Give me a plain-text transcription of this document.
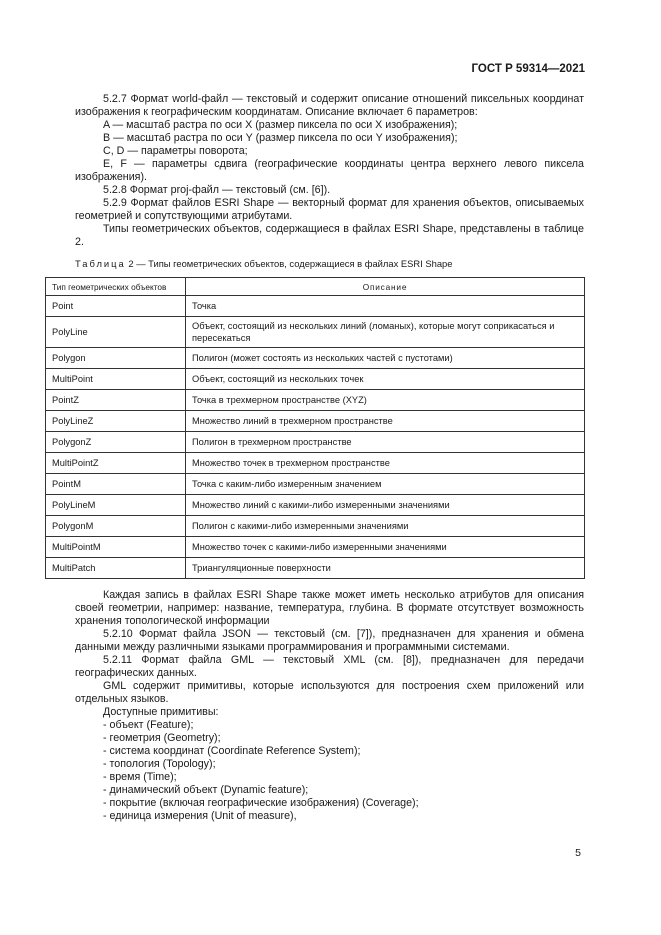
ГОСТ Р 59314—2021

5.2.7 Формат world-файл — текстовый и содержит описание отношений пиксельных координат изображения к географическим координатам. Описание включает 6 параметров:

A — масштаб растра по оси X (размер пиксела по оси X изображения);

B — масштаб растра по оси Y (размер пиксела по оси Y изображения);

C, D — параметры поворота;

E, F — параметры сдвига (географические координаты центра верхнего левого пиксела изображения).

5.2.8 Формат proj-файл — текстовый (см. [6]).

5.2.9 Формат файлов ESRI Shape — векторный формат для хранения объектов, описываемых геометрией и сопутствующими атрибутами.

Типы геометрических объектов, содержащиеся в файлах ESRI Shape, представлены в таблице 2.

Таблица 2 — Типы геометрических объектов, содержащиеся в файлах ESRI Shape
Тип геометрических объектов	Описание
Point	Точка
PolyLine	Объект, состоящий из нескольких линий (ломаных), которые могут соприкасаться и пересекаться
Polygon	Полигон (может состоять из нескольких частей с пустотами)
MultiPoint	Объект, состоящий из нескольких точек
PointZ	Точка в трехмерном пространстве (XYZ)
PolyLineZ	Множество линий в трехмерном пространстве
PolygonZ	Полигон в трехмерном пространстве
MultiPointZ	Множество точек в трехмерном пространстве
PointM	Точка с каким-либо измеренным значением
PolyLineM	Множество линий с какими-либо измеренными значениями
PolygonM	Полигон с какими-либо измеренными значениями
MultiPointM	Множество точек с какими-либо измеренными значениями
MultiPatch	Триангуляционные поверхности

Каждая запись в файлах ESRI Shape также может иметь несколько атрибутов для описания своей геометрии, например: название, температура, глубина. В формате отсутствует возможность хранения топологической информации

5.2.10 Формат файла JSON — текстовый (см. [7]), предназначен для хранения и обмена данными между различными языками программирования и программными системами.

5.2.11 Формат файла GML — текстовый XML (см. [8]), предназначен для передачи географических данных.

GML содержит примитивы, которые используются для построения схем приложений или отдельных языков.

Доступные примитивы:

- объект (Feature);

- геометрия (Geometry);

- система координат (Coordinate Reference System);

- топология (Topology);

- время (Time);

- динамический объект (Dynamic feature);

- покрытие (включая географические изображения) (Coverage);

- единица измерения (Unit of measure),

5
